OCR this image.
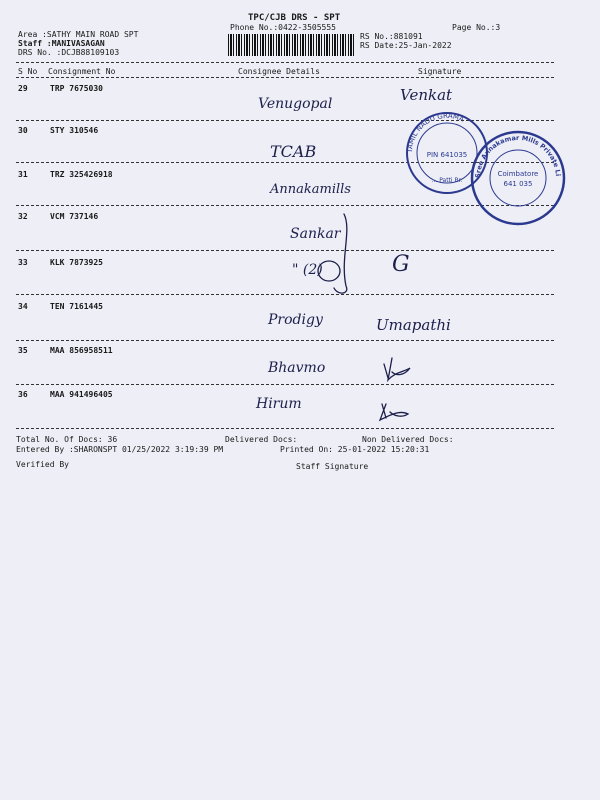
TPC/CJB DRS - SPT
Phone No.:0422-3505555	Page No.:3
Area :SATHY MAIN ROAD SPT
Staff :MANIVASAGAN
DRS No. :DCJB88109103
RS No.:881091
RS Date:25-Jan-2022
S No Consignment No	Consignee Details	Signature
29	TRP 7675030
Venugopal	Venkat
30	STY 310546
TCAB
31	TRZ 325426918
Annakamills
32	VCM 737146
Sankar
33	KLK 7873925	" (2)	G
34	TEN 7161445
Prodigy	Umapathi
35	MAA 856958511
Bhavmo
36	MAA 941496405
Hirum
TAMIL NADU GRAMA
PIN 641035
... Patti Br.
Sree Annakamar Mills Private Limited
Coimbatore
641 035
Total No. Of Docs: 36	Delivered Docs:	Non Delivered Docs:
Entered By :SHARONSPT 01/25/2022 3:19:39 PM	Printed On: 25-01-2022 15:20:31
Verified By	Staff Signature
